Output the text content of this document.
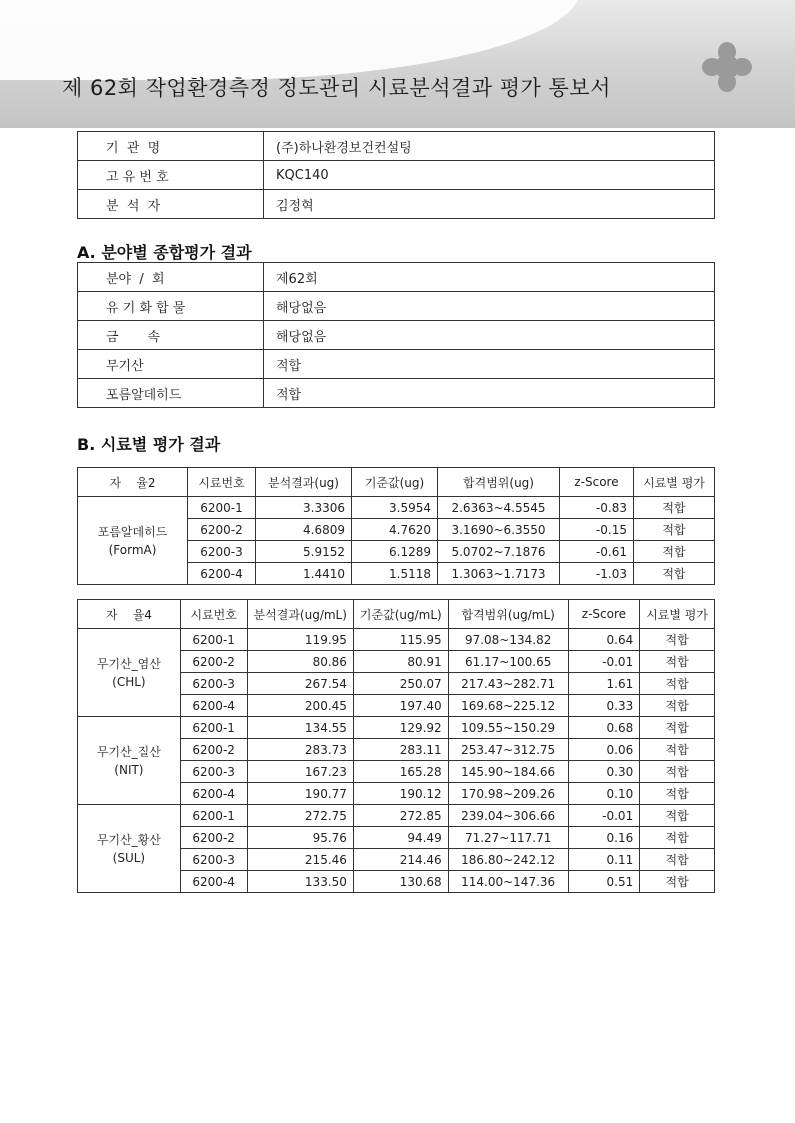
제 62회 작업환경측정 정도관리 시료분석결과 평가 통보서
기  관  명	(주)하나환경보건컨설팅
고 유 번 호	KQC140
분  석  자	김정혁
A. 분야별 종합평가 결과
분야  /  회	제62회
유 기 화 합 물	해당없음
금       속	해당없음
무기산	적합
포름알데히드	적합
B. 시료별 평가 결과
자    율2	시료번호	분석결과(ug)	기준값(ug)	합격범위(ug)	z-Score	시료별 평가

포름알데히드
(FormA)	6200-1	3.3306	3.5954	2.6363~4.5545	-0.83	적합
	6200-2	4.6809	4.7620	3.1690~6.3550	-0.15	적합
	6200-3	5.9152	6.1289	5.0702~7.1876	-0.61	적합
	6200-4	1.4410	1.5118	1.3063~1.7173	-1.03	적합
자    율4	시료번호	분석결과(ug/mL)	기준값(ug/mL)	합격범위(ug/mL)	z-Score	시료별 평가

무기산_염산
(CHL)	6200-1	119.95	115.95	97.08~134.82	0.64	적합
	6200-2	80.86	80.91	61.17~100.65	-0.01	적합
	6200-3	267.54	250.07	217.43~282.71	1.61	적합
	6200-4	200.45	197.40	169.68~225.12	0.33	적합

무기산_질산
(NIT)	6200-1	134.55	129.92	109.55~150.29	0.68	적합
	6200-2	283.73	283.11	253.47~312.75	0.06	적합
	6200-3	167.23	165.28	145.90~184.66	0.30	적합
	6200-4	190.77	190.12	170.98~209.26	0.10	적합

무기산_황산
(SUL)	6200-1	272.75	272.85	239.04~306.66	-0.01	적합
	6200-2	95.76	94.49	71.27~117.71	0.16	적합
	6200-3	215.46	214.46	186.80~242.12	0.11	적합
	6200-4	133.50	130.68	114.00~147.36	0.51	적합
